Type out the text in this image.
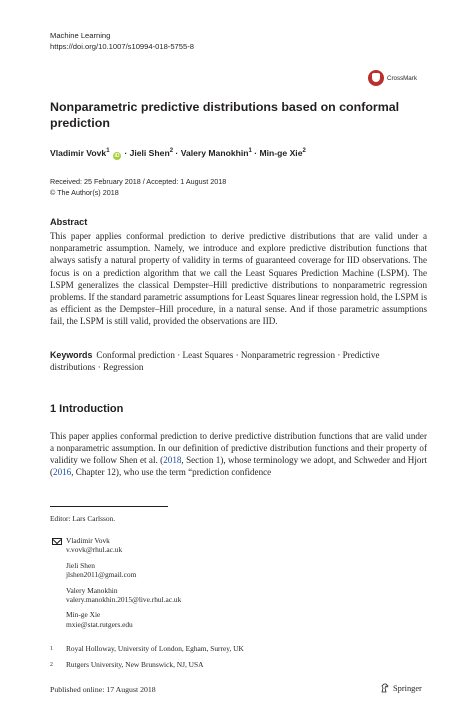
Machine Learning
https://doi.org/10.1007/s10994-018-5755-8
CrossMark
Nonparametric predictive distributions based on conformal prediction
Vladimir Vovk$^1$ iD · Jieli Shen$^2$ · Valery Manokhin$^1$ · Min-ge Xie$^2$
Received: 25 February 2018 / Accepted: 1 August 2018
© The Author(s) 2018
Abstract
This paper applies conformal prediction to derive predictive distributions that are valid under a nonparametric assumption. Namely, we introduce and explore predictive distribution functions that always satisfy a natural property of validity in terms of guaranteed coverage for IID observations. The focus is on a prediction algorithm that we call the Least Squares Prediction Machine (LSPM). The LSPM generalizes the classical Dempster–Hill predictive distributions to nonparametric regression problems. If the standard parametric assumptions for Least Squares linear regression hold, the LSPM is as efficient as the Dempster–Hill procedure, in a natural sense. And if those parametric assumptions fail, the LSPM is still valid, provided the observations are IID.
Keywords Conformal prediction · Least Squares · Nonparametric regression · Predictive distributions · Regression
1 Introduction
This paper applies conformal prediction to derive predictive distribution functions that are valid under a nonparametric assumption. In our definition of predictive distribution functions and their property of validity we follow Shen et al. (2018, Section 1), whose terminology we adopt, and Schweder and Hjort (2016, Chapter 12), who use the term “prediction confidence
Editor: Lars Carlsson.
Vladimir Vovk
v.vovk@rhul.ac.uk
Jieli Shen
jlshen2011@gmail.com
Valery Manokhin
valery.manokhin.2015@live.rhul.ac.uk
Min-ge Xie
mxie@stat.rutgers.edu
$^1$ Royal Holloway, University of London, Egham, Surrey, UK
$^2$ Rutgers University, New Brunswick, NJ, USA
Published online: 17 August 2018	Springer
